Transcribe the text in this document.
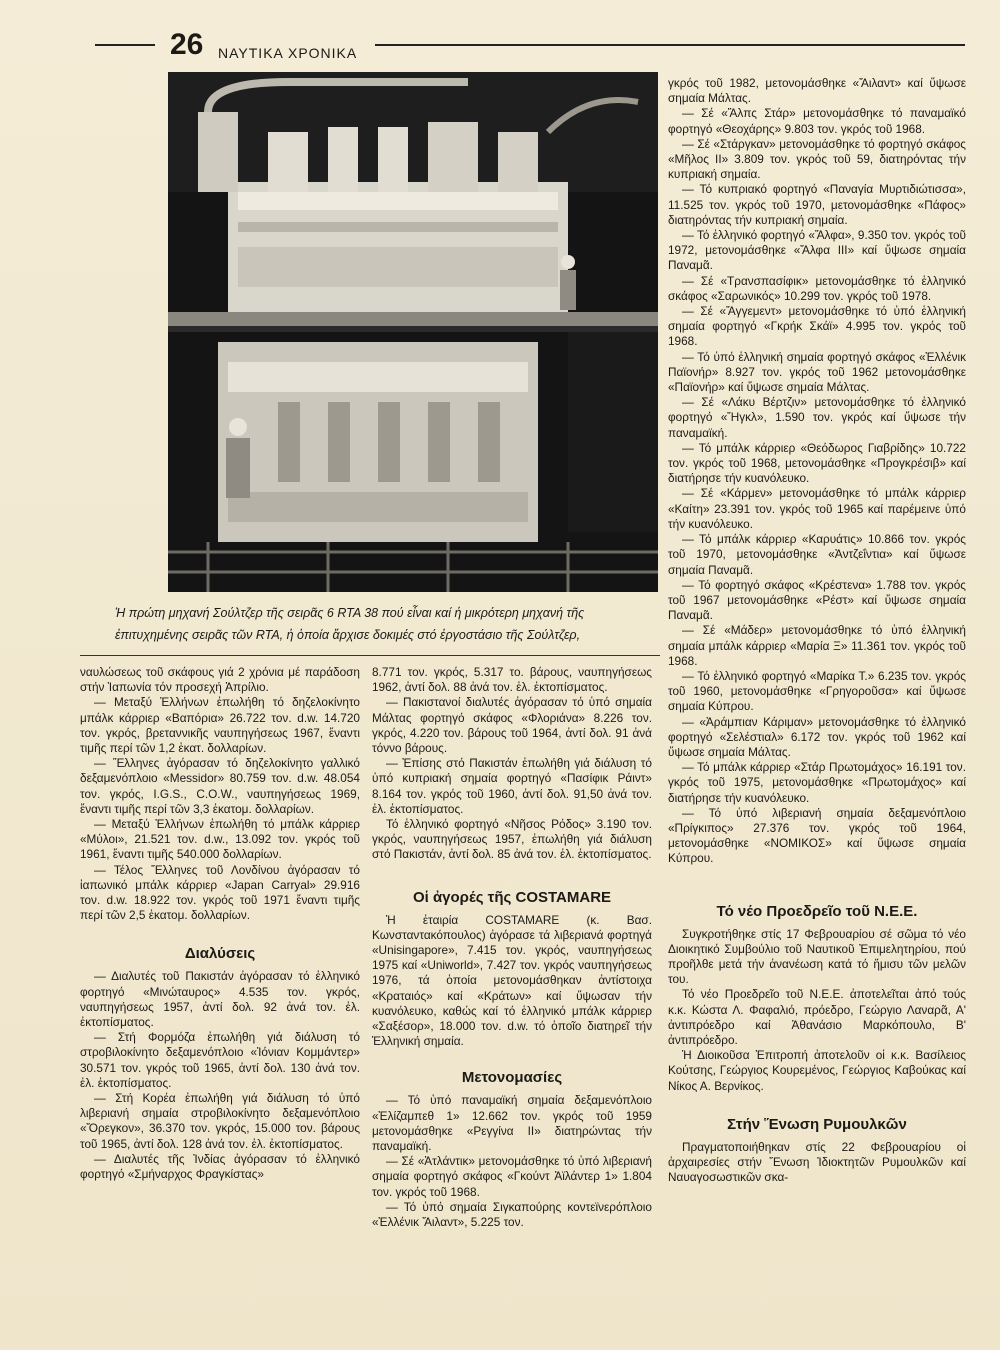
26 ΝΑΥΤΙΚΑ ΧΡΟΝΙΚΑ

Ἡ πρώτη μηχανή Σούλτζερ τῆς σειρᾶς 6 RTA 38 πού εἶναι καί ἡ μικρότερη μηχανή τῆς

ἐπιτυχημένης σειρᾶς τῶν RTA, ἡ ὁποία ἄρχισε δοκιμές στό ἐργοστάσιο τῆς Σούλτζερ,

ναυλώσεως τοῦ σκάφους γιά 2 χρόνια μέ παράδοση στήν Ἰαπωνία τόν προσεχή Ἀπρίλιο.

— Μεταξύ Ἑλλήνων ἐπωλήθη τό δηζελοκίνητο μπάλκ κάρριερ «Βαπόρια» 26.722 τον. d.w. 14.720 τον. γκρός, βρεταννικῆς ναυπηγήσεως 1967, ἔναντι τιμῆς περί τῶν 1,2 ἑκατ. δολλαρίων.

— Ἕλληνες ἀγόρασαν τό δηζελοκίνητο γαλλικό δεξαμενόπλοιο «Messidor» 80.759 τον. d.w. 48.054 τον. γκρός, I.G.S., C.O.W., ναυπηγήσεως 1969, ἔναντι τιμῆς περί τῶν 3,3 ἑκατομ. δολλαρίων.

— Μεταξύ Ἑλλήνων ἐπωλήθη τό μπάλκ κάρριερ «Μύλοι», 21.521 τον. d.w., 13.092 τον. γκρός τοῦ 1961, ἔναντι τιμῆς 540.000 δολλαρίων.

— Τέλος Ἕλληνες τοῦ Λονδίνου ἀγόρασαν τό ἰαπωνικό μπάλκ κάρριερ «Japan Carryal» 29.916 τον. d.w. 18.922 τον. γκρός τοῦ 1971 ἔναντι τιμῆς περί τῶν 2,5 ἑκατομ. δολλαρίων.

Διαλύσεις

— Διαλυτές τοῦ Πακιστάν ἀγόρασαν τό ἑλληνικό φορτηγό «Μινώταυρος» 4.535 τον. γκρός, ναυπηγήσεως 1957, ἀντί δολ. 92 ἀνά τον. ἐλ. ἐκτοπίσματος.

— Στή Φορμόζα ἐπωλήθη γιά διάλυση τό στροβιλοκίνητο δεξαμενόπλοιο «Ἰόνιαν Κομμάντερ» 30.571 τον. γκρός τοῦ 1965, ἀντί δολ. 130 ἀνά τον. ἐλ. ἐκτοπίσματος.

— Στή Κορέα ἐπωλήθη γιά διάλυση τό ὑπό λιβεριανή σημαία στροβιλοκίνητο δεξαμενόπλοιο «Ὄρεγκον», 36.370 τον. γκρός, 15.000 τον. βάρους τοῦ 1965, ἀντί δολ. 128 ἀνά τον. ἐλ. ἐκτοπίσματος.

— Διαλυτές τῆς Ἰνδίας ἀγόρασαν τό ἑλληνικό φορτηγό «Σμήναρχος Φραγκίστας»

8.771 τον. γκρός, 5.317 το. βάρους, ναυπηγήσεως 1962, ἀντί δολ. 88 ἀνά τον. ἐλ. ἐκτοπίσματος.

— Πακιστανοί διαλυτές ἀγόρασαν τό ὑπό σημαία Μάλτας φορτηγό σκάφος «Φλοριάνα» 8.226 τον. γκρός, 4.220 τον. βάρους τοῦ 1964, ἀντί δολ. 91 ἀνά τόννο βάρους.

— Ἐπίσης στό Πακιστάν ἐπωλήθη γιά διάλυση τό ὑπό κυπριακή σημαία φορτηγό «Πασίφικ Ράιντ» 8.164 τον. γκρός τοῦ 1960, ἀντί δολ. 91,50 ἀνά τον. ἐλ. ἐκτοπίσματος.

Τό ἑλληνικό φορτηγό «Νῆσος Ρόδος» 3.190 τον. γκρός, ναυπηγήσεως 1957, ἐπωλήθη γιά διάλυση στό Πακιστάν, ἀντί δολ. 85 ἀνά τον. ἐλ. ἐκτοπίσματος.

Οἱ ἀγορές τῆς COSTAMARE

Ἡ ἑταιρία COSTAMARE (κ. Βασ. Κωνσταντακόπουλος) ἀγόρασε τά λιβεριανά φορτηγά «Unisingapore», 7.415 τον. γκρός, ναυπηγήσεως 1975 καί «Uniworld», 7.427 τον. γκρός ναυπηγήσεως 1976, τά ὁποία μετονομάσθηκαν ἀντίστοιχα «Κραταιός» καί «Κράτων» καί ὕψωσαν τήν κυανόλευκο, καθώς καί τό ἑλληνικό μπάλκ κάρριερ «Σαξέσορ», 18.000 τον. d.w. τό ὁποῖο διατηρεῖ τήν Ἑλληνική σημαία.

Μετονομασίες

— Τό ὑπό παναμαϊκή σημαία δεξαμενόπλοιο «Ἐλίζαμπεθ 1» 12.662 τον. γκρός τοῦ 1959 μετονομάσθηκε «Ρεγγίνα ΙΙ» διατηρώντας τήν παναμαϊκή.

— Σέ «Ἀτλάντικ» μετονομάσθηκε τό ὑπό λιβεριανή σημαία φορτηγό σκάφος «Γκούντ Ἀϊλάντερ 1» 1.804 τον. γκρός τοῦ 1968.

— Τό ὑπό σημαία Σιγκαπούρης κοντεϊνερόπλοιο «Ἐλλένικ Ἄιλαντ», 5.225 τον.

γκρός τοῦ 1982, μετονομάσθηκε «Ἄιλαντ» καί ὕψωσε σημαία Μάλτας.

— Σέ «Ἄλπς Στάρ» μετονομάσθηκε τό παναμαϊκό φορτηγό «Θεοχάρης» 9.803 τον. γκρός τοῦ 1968.

— Σέ «Στάργκαν» μετονομάσθηκε τό φορτηγό σκάφος «Μῆλος ΙΙ» 3.809 τον. γκρός τοῦ 59, διατηρόντας τήν κυπριακή σημαία.

— Τό κυπριακό φορτηγό «Παναγία Μυρτιδιώτισσα», 11.525 τον. γκρός τοῦ 1970, μετονομάσθηκε «Πάφος» διατηρόντας τήν κυπριακή σημαία.

— Τό ἑλληνικό φορτηγό «Ἄλφα», 9.350 τον. γκρός τοῦ 1972, μετονομάσθηκε «Ἄλφα ΙΙΙ» καί ὕψωσε σημαία Παναμᾶ.

— Σέ «Τρανσπασίφικ» μετονομάσθηκε τό ἑλληνικό σκάφος «Σαρωνικός» 10.299 τον. γκρός τοῦ 1978.

— Σέ «Ἄγγεμεντ» μετονομάσθηκε τό ὑπό ἑλληνική σημαία φορτηγό «Γκρήκ Σκάϊ» 4.995 τον. γκρός τοῦ 1968.

— Τό ὑπό ἑλληνική σημαία φορτηγό σκάφος «Ἐλλένικ Παϊονήρ» 8.927 τον. γκρός τοῦ 1962 μετονομάσθηκε «Παϊονήρ» καί ὕψωσε σημαία Μάλτας.

— Σέ «Λάκυ Βέρτζιν» μετονομάσθηκε τό ἑλληνικό φορτηγό «Ἤγκλ», 1.590 τον. γκρός καί ὕψωσε τήν παναμαϊκή.

— Τό μπάλκ κάρριερ «Θεόδωρος Γιαβρίδης» 10.722 τον. γκρός τοῦ 1968, μετονομάσθηκε «Προγκρέσιβ» καί διατήρησε τήν κυανόλευκο.

— Σέ «Κάρμεν» μετονομάσθηκε τό μπάλκ κάρριερ «Καίτη» 23.391 τον. γκρός τοῦ 1965 καί παρέμεινε ὑπό τήν κυανόλευκο.

— Τό μπάλκ κάρριερ «Καρυάτις» 10.866 τον. γκρός τοῦ 1970, μετονομάσθηκε «Ἀντζεΐντια» καί ὕψωσε σημαία Παναμᾶ.

— Τό φορτηγό σκάφος «Κρέστενα» 1.788 τον. γκρός τοῦ 1967 μετονομάσθηκε «Ρέστ» καί ὕψωσε σημαία Παναμᾶ.

— Σέ «Μάδερ» μετονομάσθηκε τό ὑπό ἑλληνική σημαία μπάλκ κάρριερ «Μαρία Ξ» 11.361 τον. γκρός τοῦ 1968.

— Τό ἑλληνικό φορτηγό «Μαρίκα Τ.» 6.235 τον. γκρός τοῦ 1960, μετονομάσθηκε «Γρηγοροῦσα» καί ὕψωσε σημαία Κύπρου.

— «Ἀράμπιαν Κάριμαν» μετονομάσθηκε τό ἑλληνικό φορτηγό «Σελέστιαλ» 6.172 τον. γκρός τοῦ 1962 καί ὕψωσε σημαία Μάλτας.

— Τό μπάλκ κάρριερ «Στάρ Πρωτομάχος» 16.191 τον. γκρός τοῦ 1975, μετονομάσθηκε «Πρωτομάχος» καί διατήρησε τήν κυανόλευκο.

— Τό ὑπό λιβεριανή σημαία δεξαμενόπλοιο «Πρίγκιπος» 27.376 τον. γκρός τοῦ 1964, μετονομάσθηκε «ΝΟΜΙΚΟΣ» καί ὕψωσε σημαία Κύπρου.

Τό νέο Προεδρεῖο τοῦ Ν.Ε.Ε.

Συγκροτήθηκε στίς 17 Φεβρουαρίου σέ σῶμα τό νέο Διοικητικό Συμβούλιο τοῦ Ναυτικοῦ Ἐπιμελητηρίου, πού προῆλθε μετά τήν ἀνανέωση κατά τό ἥμισυ τῶν μελῶν του.

Τό νέο Προεδρεῖο τοῦ Ν.Ε.Ε. ἀποτελεῖται ἀπό τούς κ.κ. Κώστα Λ. Φαφαλιό, πρόεδρο, Γεώργιο Λαναρᾶ, Α' ἀντιπρόεδρο καί Ἀθανάσιο Μαρκόπουλο, Β' ἀντιπρόεδρο.

Ἡ Διοικοῦσα Ἐπιτροπή ἀποτελοῦν οἱ κ.κ. Βασίλειος Κούτσης, Γεώργιος Κουρεμένος, Γεώργιος Καβούκας καί Νίκος Α. Βερνίκος.

Στήν Ἕνωση Ρυμουλκῶν

Πραγματοποιήθηκαν στίς 22 Φεβρουαρίου οἱ ἀρχαιρεσίες στήν Ἕνωση Ἰδιοκτητῶν Ρυμουλκῶν καί Ναυαγοσωστικῶν σκα-
